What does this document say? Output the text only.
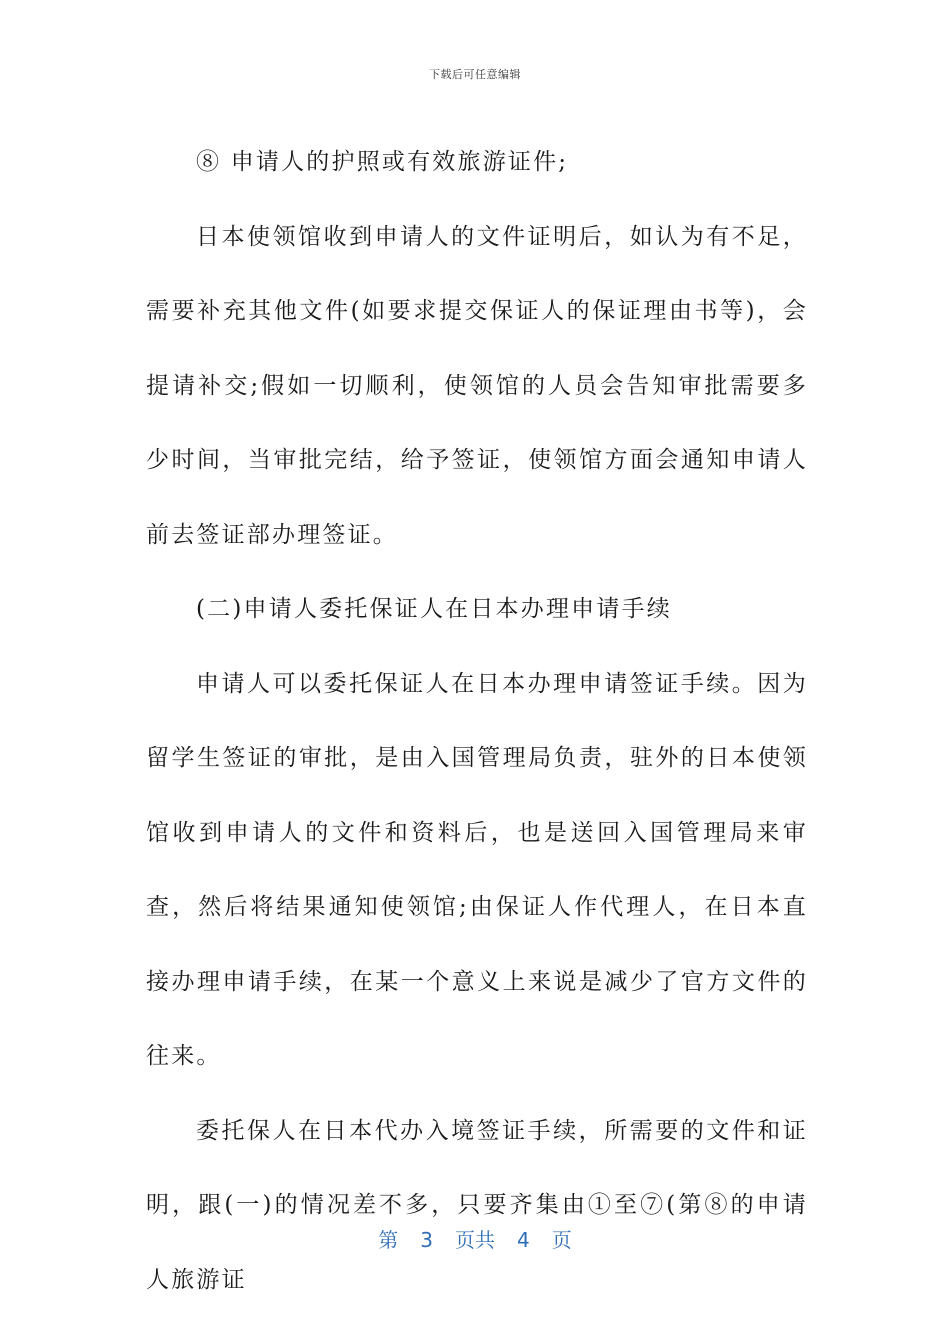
下载后可任意编辑

⑧ 申请人的护照或有效旅游证件;

日本使领馆收到申请人的文件证明后，如认为有不足，需要补充其他文件(如要求提交保证人的保证理由书等)，会提请补交;假如一切顺利，使领馆的人员会告知审批需要多少时间，当审批完结，给予签证，使领馆方面会通知申请人前去签证部办理签证。

(二)申请人委托保证人在日本办理申请手续

申请人可以委托保证人在日本办理申请签证手续。因为留学生签证的审批，是由入国管理局负责，驻外的日本使领馆收到申请人的文件和资料后，也是送回入国管理局来审查，然后将结果通知使领馆;由保证人作代理人，在日本直接办理申请手续，在某一个意义上来说是减少了官方文件的往来。

委托保人在日本代办入境签证手续，所需要的文件和证明，跟(一)的情况差不多，只要齐集由①至⑦(第⑧的申请人旅游证

第 3 页共 4 页
